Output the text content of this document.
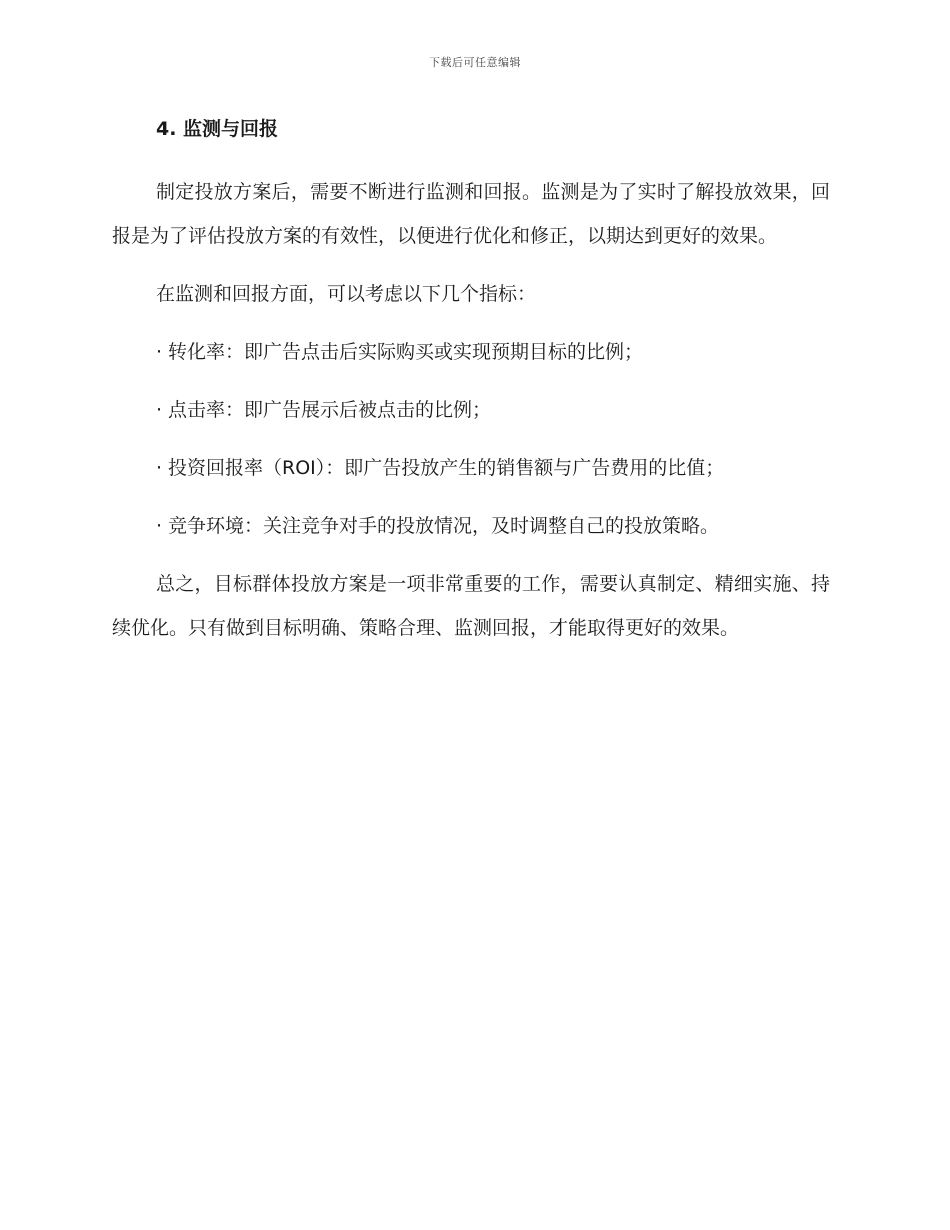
下载后可任意编辑
4. 监测与回报

制定投放方案后，需要不断进行监测和回报。监测是为了实时了解投放效果，回报是为了评估投放方案的有效性，以便进行优化和修正，以期达到更好的效果。

在监测和回报方面，可以考虑以下几个指标：

· 转化率：即广告点击后实际购买或实现预期目标的比例；
· 点击率：即广告展示后被点击的比例；
· 投资回报率（ROI）：即广告投放产生的销售额与广告费用的比值；
· 竞争环境：关注竞争对手的投放情况，及时调整自己的投放策略。

总之，目标群体投放方案是一项非常重要的工作，需要认真制定、精细实施、持续优化。只有做到目标明确、策略合理、监测回报，才能取得更好的效果。
